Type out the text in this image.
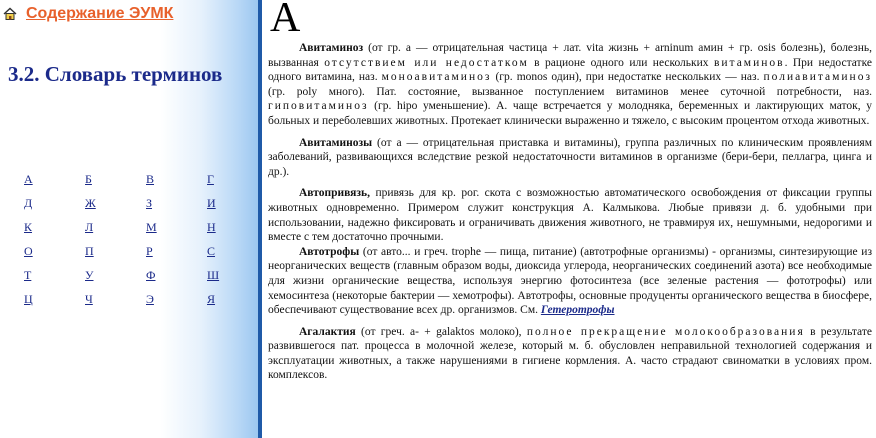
Содержание ЭУМК
3.2. Словарь терминов
А	Б	В	Г
Д	Ж	З	И
К	Л	М	Н
О	П	Р	С
Т	У	Ф	Ш
Ц	Ч	Э	Я
А

Авитаминоз (от гр. а — отрицательная частица + лат. vita жизнь + arninum амин + гр. osis болезнь), болезнь, вызванная отсутствием или недостатком в рационе одного или нескольких витаминов. При недостатке одного витамина, наз. моноавитаминоз (гр. monos один), при недостатке нескольких — наз. полиавитаминоз (гр. poly много). Пат. состояние, вызванное поступлением витаминов менее суточной потребности, наз. гиповитаминоз (гр. hipo уменьшение). А. чаще встречается у молодняка, беременных и лактирующих маток, у больных и переболевших животных. Протекает клинически выраженно и тяжело, с высоким процентом отхода животных.

Авитаминозы (от а — отрицательная приставка и витамины), группа различных по клиническим проявлениям заболеваний, развивающихся вследствие резкой недостаточности витаминов в организме (бери-бери, пеллагра, цинга и др.).

Автопривязь, привязь для кр. рог. скота с возможностью автоматического освобождения от фиксации группы животных одновременно. Примером служит конструкция А. Калмыкова. Любые привязи д. б. удобными при использовании, надежно фиксировать и ограничивать движения животного, не травмируя их, нешумными, недорогими и вместе с тем достаточно прочными.

Автотрофы (от авто... и греч. trophe — пища, питание) (автотрофные организмы) - организмы, синтезирующие из неорганических веществ (главным образом воды, диоксида углерода, неорганических соединений азота) все необходимые для жизни органические вещества, используя энергию фотосинтеза (все зеленые растения — фототрофы) или хемосинтеза (некоторые бактерии — хемотрофы). Автотрофы, основные продуценты органического вещества в биосфере, обеспечивают существование всех др. организмов. См. Гетеротрофы

Агалактия (от греч. а- + galaktos молоко), полное прекращение молокообразования в результате развившегося пат. процесса в молочной железе, который м. б. обусловлен неправильной технологией содержания и эксплуатации животных, а также нарушениями в гигиене кормления. А. часто страдают свиноматки в условиях пром. комплексов.
